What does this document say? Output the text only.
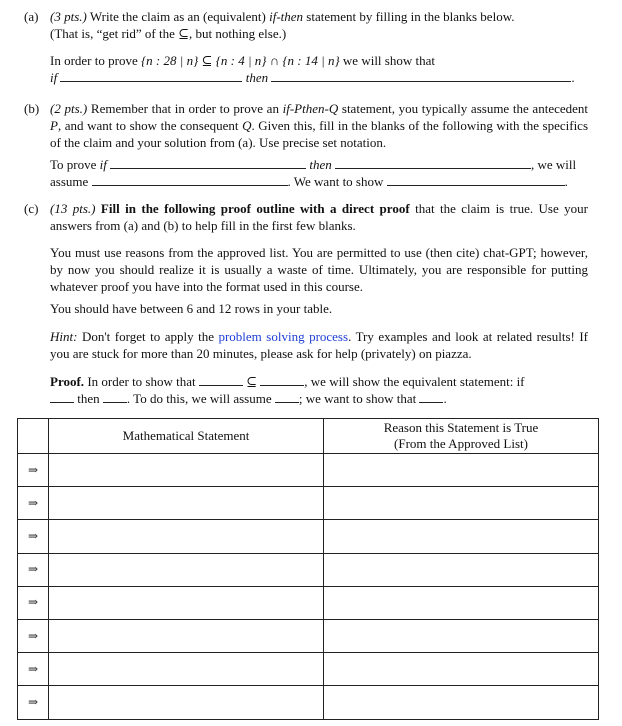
(a) (3 pts.) Write the claim as an (equivalent) if-then statement by filling in the blanks below.
(That is, “get rid” of the ⊆, but nothing else.)
In order to prove {n : 28 | n} ⊆ {n : 4 | n} ∩ {n : 14 | n} we will show that
if	then	.
(b) (2 pts.) Remember that in order to prove an if-Pthen-Q statement, you typically assume the antecedent P, and want to show the consequent Q. Given this, fill in the blanks of the following with the specifics of the claim and your solution from (a). Use precise set notation.
To prove if	then	, we will
assume	. We want to show	.
(c) (13 pts.) Fill in the following proof outline with a direct proof that the claim is true. Use your answers from (a) and (b) to help fill in the first few blanks.
You must use reasons from the approved list. You are permitted to use (then cite) chat-GPT; however, by now you should realize it is usually a waste of time. Ultimately, you are responsible for putting whatever proof you have into the format used in this course.
You should have between 6 and 12 rows in your table.
Hint: Don't forget to apply the problem solving process. Try examples and look at related results! If you are stuck for more than 20 minutes, please ask for help (privately) on piazza.
Proof. In order to show that	⊆	, we will show the equivalent statement: if
then . To do this, we will assume ; we want to show that .
	Mathematical Statement	Reason this Statement is True
(From the Approved List)

⇒		
⇒		
⇒		
⇒		
⇒		
⇒		
⇒		
⇒		
